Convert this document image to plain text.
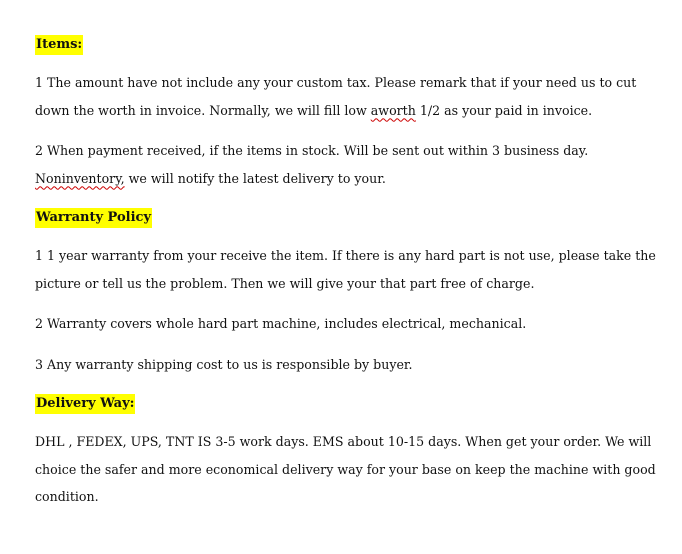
Items:

1 The amount have not include any your custom tax. Please remark that if your need us to cut
down the worth in invoice. Normally, we will fill low aworth 1/2 as your paid in invoice.

2 When payment received, if the items in stock. Will be sent out within 3 business day.
Noninventory, we will notify the latest delivery to your.

Warranty Policy

1 1 year warranty from your receive the item. If there is any hard part is not use, please take the
picture or tell us the problem. Then we will give your that part free of charge.

2 Warranty covers whole hard part machine, includes electrical, mechanical.

3 Any warranty shipping cost to us is responsible by buyer.

Delivery Way:

DHL , FEDEX, UPS, TNT IS 3-5 work days. EMS about 10-15 days. When get your order. We will
choice the safer and more economical delivery way for your base on keep the machine with good
condition.
